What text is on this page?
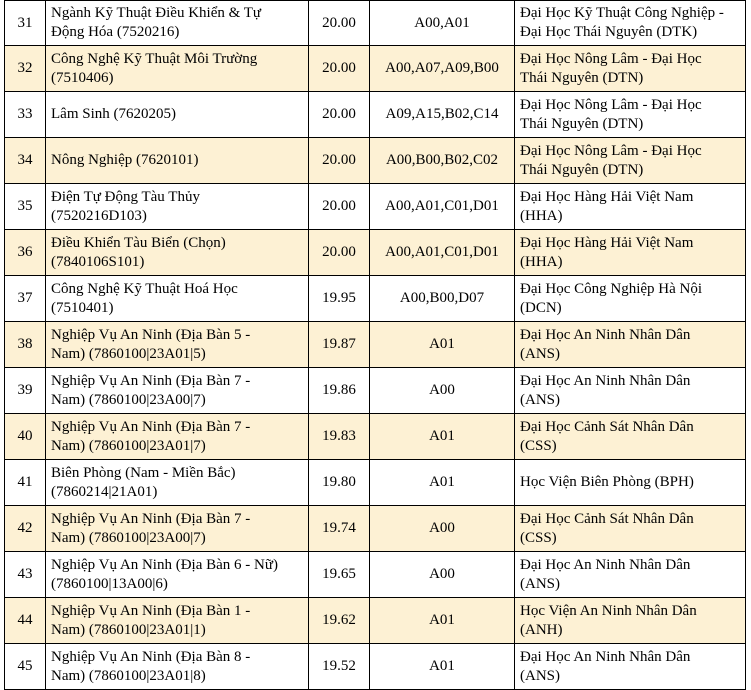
31	Ngành Kỹ Thuật Điều Khiển & Tự
Động Hóa (7520216)	20.00	A00,A01	Đại Học Kỹ Thuật Công Nghiệp -
Đại Học Thái Nguyên (DTK)

32	Công Nghệ Kỹ Thuật Môi Trường
(7510406)	20.00	A00,A07,A09,B00	Đại Học Nông Lâm - Đại Học
Thái Nguyên (DTN)

33	Lâm Sinh (7620205)	20.00	A09,A15,B02,C14	Đại Học Nông Lâm - Đại Học
Thái Nguyên (DTN)

34	Nông Nghiệp (7620101)	20.00	A00,B00,B02,C02	Đại Học Nông Lâm - Đại Học
Thái Nguyên (DTN)

35	Điện Tự Động Tàu Thủy
(7520216D103)	20.00	A00,A01,C01,D01	Đại Học Hàng Hải Việt Nam
(HHA)

36	Điều Khiển Tàu Biển (Chọn)
(7840106S101)	20.00	A00,A01,C01,D01	Đại Học Hàng Hải Việt Nam
(HHA)

37	Công Nghệ Kỹ Thuật Hoá Học
(7510401)	19.95	A00,B00,D07	Đại Học Công Nghiệp Hà Nội
(DCN)

38	Nghiệp Vụ An Ninh (Địa Bàn 5 -
Nam) (7860100|23A01|5)	19.87	A01	Đại Học An Ninh Nhân Dân
(ANS)

39	Nghiệp Vụ An Ninh (Địa Bàn 7 -
Nam) (7860100|23A00|7)	19.86	A00	Đại Học An Ninh Nhân Dân
(ANS)

40	Nghiệp Vụ An Ninh (Địa Bàn 7 -
Nam) (7860100|23A01|7)	19.83	A01	Đại Học Cảnh Sát Nhân Dân
(CSS)

41	Biên Phòng (Nam - Miền Bắc)
(7860214|21A01)	19.80	A01	Học Viện Biên Phòng (BPH)

42	Nghiệp Vụ An Ninh (Địa Bàn 7 -
Nam) (7860100|23A00|7)	19.74	A00	Đại Học Cảnh Sát Nhân Dân
(CSS)

43	Nghiệp Vụ An Ninh (Địa Bàn 6 - Nữ)
(7860100|13A00|6)	19.65	A00	Đại Học An Ninh Nhân Dân
(ANS)

44	Nghiệp Vụ An Ninh (Địa Bàn 1 -
Nam) (7860100|23A01|1)	19.62	A01	Học Viện An Ninh Nhân Dân
(ANH)

45	Nghiệp Vụ An Ninh (Địa Bàn 8 -
Nam) (7860100|23A01|8)	19.52	A01	Đại Học An Ninh Nhân Dân
(ANS)
